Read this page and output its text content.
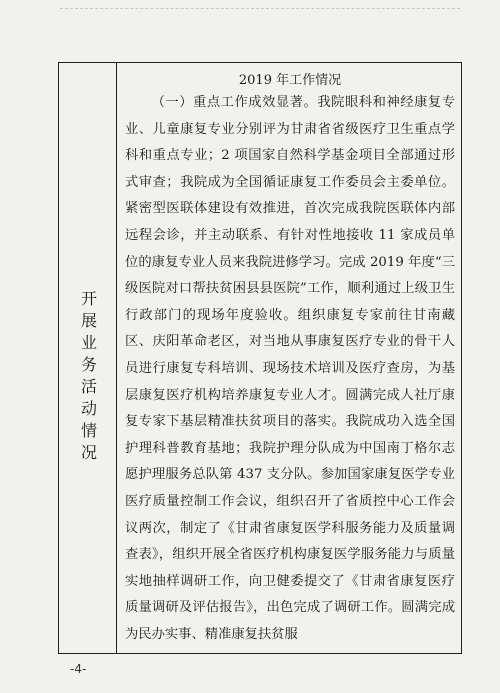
开展业务活动情况
2019 年工作情况

（一）重点工作成效显著。我院眼科和神经康复专业、儿童康复专业分别评为甘肃省省级医疗卫生重点学科和重点专业；2 项国家自然科学基金项目全部通过形式审查；我院成为全国循证康复工作委员会主委单位。紧密型医联体建设有效推进，首次完成我院医联体内部远程会诊，并主动联系、有针对性地接收 11 家成员单位的康复专业人员来我院进修学习。完成 2019 年度“三级医院对口帮扶贫困县县医院”工作，顺利通过上级卫生行政部门的现场年度验收。组织康复专家前往甘南藏区、庆阳革命老区，对当地从事康复医疗专业的骨干人员进行康复专科培训、现场技术培训及医疗查房，为基层康复医疗机构培养康复专业人才。圆满完成人社厅康复专家下基层精准扶贫项目的落实。我院成功入选全国护理科普教育基地；我院护理分队成为中国南丁格尔志愿护理服务总队第 437 支分队。参加国家康复医学专业医疗质量控制工作会议，组织召开了省质控中心工作会议两次，制定了《甘肃省康复医学科服务能力及质量调查表》，组织开展全省医疗机构康复医学服务能力与质量实地抽样调研工作，向卫健委提交了《甘肃省康复医疗质量调研及评估报告》，出色完成了调研工作。圆满完成为民办实事、精准康复扶贫服

-4-
